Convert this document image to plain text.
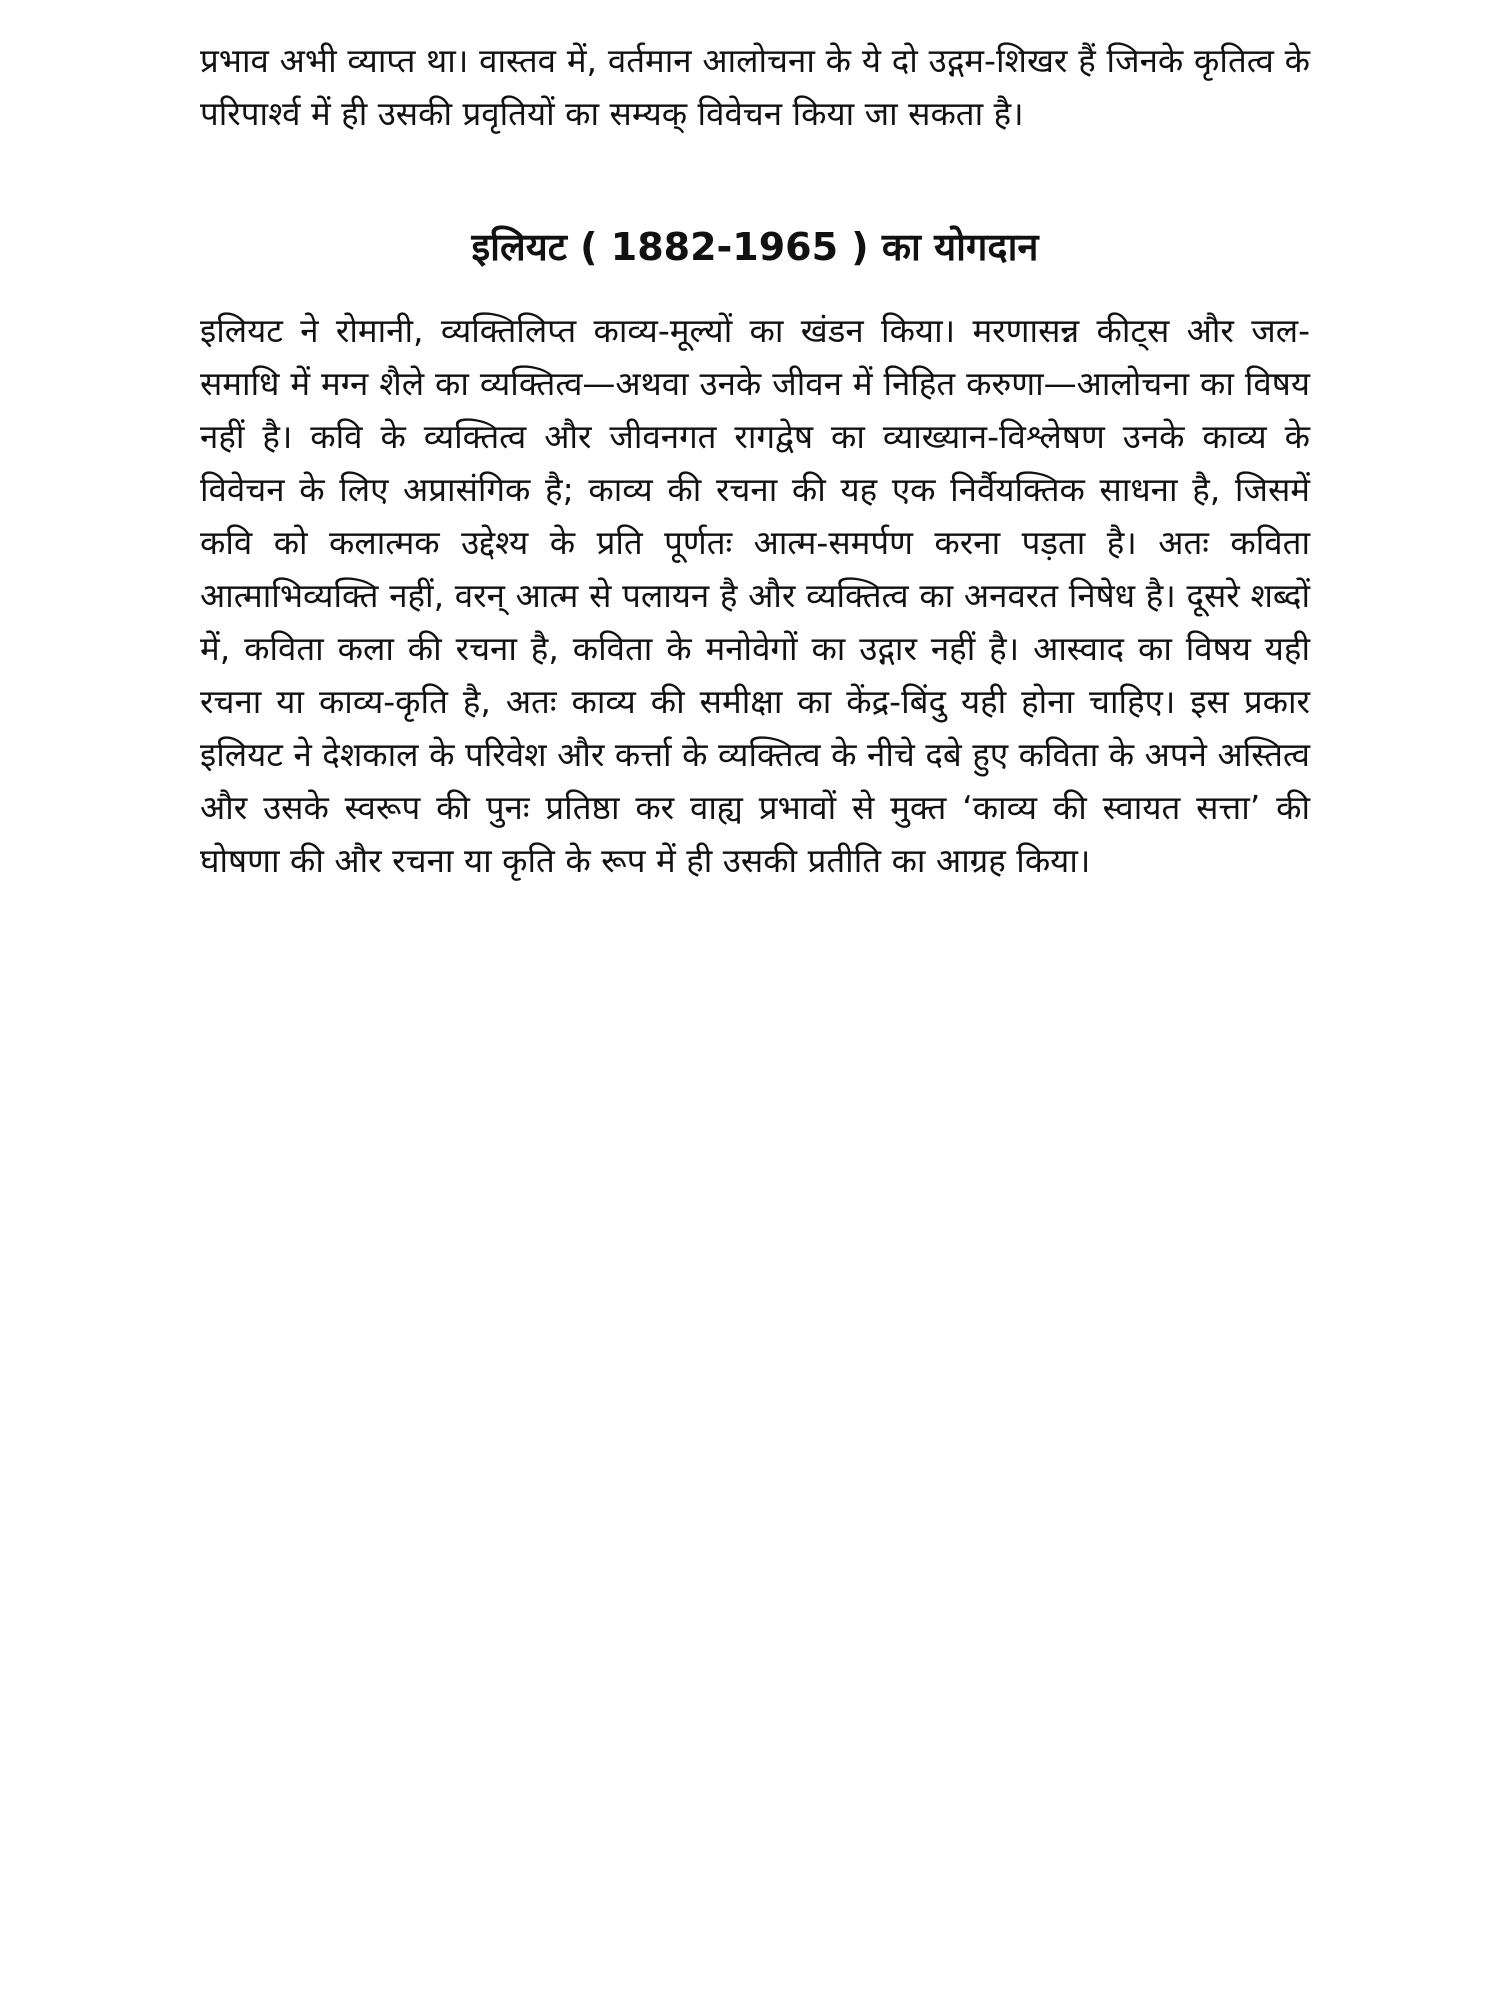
प्रभाव अभी व्याप्त था। वास्तव में, वर्तमान आलोचना के ये दो उद्गम-शिखर हैं जिनके कृतित्व के परिपार्श्व में ही उसकी प्रवृतियों का सम्यक् विवेचन किया जा सकता है।

इलियट ( 1882-1965 ) का योगदान

इलियट ने रोमानी, व्यक्तिलिप्त काव्य-मूल्यों का खंडन किया। मरणासन्न कीट्स और जल-समाधि में मग्न शैले का व्यक्तित्व—अथवा उनके जीवन में निहित करुणा—आलोचना का विषय नहीं है। कवि के व्यक्तित्व और जीवनगत रागद्वेष का व्याख्यान-विश्लेषण उनके काव्य के विवेचन के लिए अप्रासंगिक है; काव्य की रचना की यह एक निर्वैयक्तिक साधना है, जिसमें कवि को कलात्मक उद्देश्य के प्रति पूर्णतः आत्म-समर्पण करना पड़ता है। अतः कविता आत्माभिव्यक्ति नहीं, वरन् आत्म से पलायन है और व्यक्तित्व का अनवरत निषेध है। दूसरे शब्दों में, कविता कला की रचना है, कविता के मनोवेगों का उद्गार नहीं है। आस्वाद का विषय यही रचना या काव्य-कृति है, अतः काव्य की समीक्षा का केंद्र-बिंदु यही होना चाहिए। इस प्रकार इलियट ने देशकाल के परिवेश और कर्त्ता के व्यक्तित्व के नीचे दबे हुए कविता के अपने अस्तित्व और उसके स्वरूप की पुनः प्रतिष्ठा कर वाह्य प्रभावों से मुक्त ‘काव्य की स्वायत सत्ता’ की घोषणा की और रचना या कृति के रूप में ही उसकी प्रतीति का आग्रह किया।
